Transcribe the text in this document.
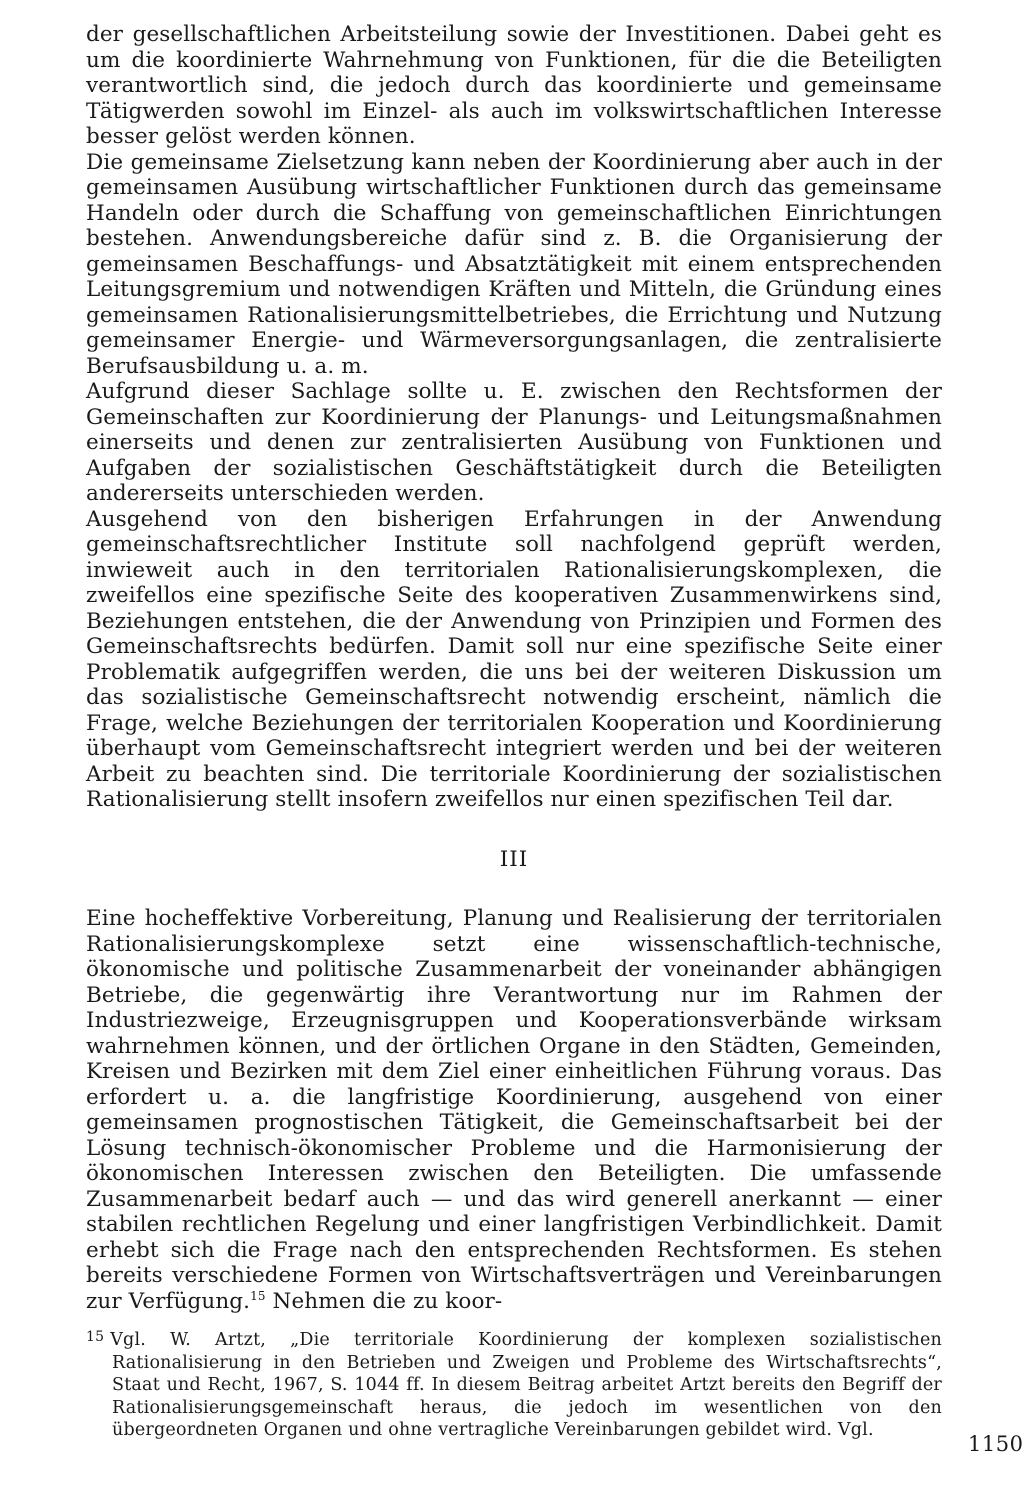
der gesellschaftlichen Arbeitsteilung sowie der Investitionen. Dabei geht es um die koordinierte Wahrnehmung von Funktionen, für die die Beteiligten verantwortlich sind, die jedoch durch das koordinierte und gemeinsame Tätigwerden sowohl im Einzel- als auch im volkswirtschaftlichen Interesse besser gelöst werden können.

Die gemeinsame Zielsetzung kann neben der Koordinierung aber auch in der gemeinsamen Ausübung wirtschaftlicher Funktionen durch das gemeinsame Handeln oder durch die Schaffung von gemeinschaftlichen Einrichtungen bestehen. Anwendungsbereiche dafür sind z. B. die Organisierung der gemeinsamen Beschaffungs- und Absatztätigkeit mit einem entsprechenden Leitungsgremium und notwendigen Kräften und Mitteln, die Gründung eines gemeinsamen Rationalisierungsmittelbetriebes, die Errichtung und Nutzung gemeinsamer Energie- und Wärmeversorgungsanlagen, die zentralisierte Berufsausbildung u. a. m.

Aufgrund dieser Sachlage sollte u. E. zwischen den Rechtsformen der Gemeinschaften zur Koordinierung der Planungs- und Leitungsmaßnahmen einerseits und denen zur zentralisierten Ausübung von Funktionen und Aufgaben der sozialistischen Geschäftstätigkeit durch die Beteiligten andererseits unterschieden werden.

Ausgehend von den bisherigen Erfahrungen in der Anwendung gemeinschaftsrechtlicher Institute soll nachfolgend geprüft werden, inwieweit auch in den territorialen Rationalisierungskomplexen, die zweifellos eine spezifische Seite des kooperativen Zusammenwirkens sind, Beziehungen entstehen, die der Anwendung von Prinzipien und Formen des Gemeinschaftsrechts bedürfen. Damit soll nur eine spezifische Seite einer Problematik aufgegriffen werden, die uns bei der weiteren Diskussion um das sozialistische Gemeinschaftsrecht notwendig erscheint, nämlich die Frage, welche Beziehungen der territorialen Kooperation und Koordinierung überhaupt vom Gemeinschaftsrecht integriert werden und bei der weiteren Arbeit zu beachten sind. Die territoriale Koordinierung der sozialistischen Rationalisierung stellt insofern zweifellos nur einen spezifischen Teil dar.

III

Eine hocheffektive Vorbereitung, Planung und Realisierung der territorialen Rationalisierungskomplexe setzt eine wissenschaftlich-technische, ökonomische und politische Zusammenarbeit der voneinander abhängigen Betriebe, die gegenwärtig ihre Verantwortung nur im Rahmen der Industriezweige, Erzeugnisgruppen und Kooperationsverbände wirksam wahrnehmen können, und der örtlichen Organe in den Städten, Gemeinden, Kreisen und Bezirken mit dem Ziel einer einheitlichen Führung voraus. Das erfordert u. a. die langfristige Koordinierung, ausgehend von einer gemeinsamen prognostischen Tätigkeit, die Gemeinschaftsarbeit bei der Lösung technisch-ökonomischer Probleme und die Harmonisierung der ökonomischen Interessen zwischen den Beteiligten. Die umfassende Zusammenarbeit bedarf auch — und das wird generell anerkannt — einer stabilen rechtlichen Regelung und einer langfristigen Verbindlichkeit. Damit erhebt sich die Frage nach den entsprechenden Rechtsformen. Es stehen bereits verschiedene Formen von Wirtschaftsverträgen und Vereinbarungen zur Verfügung.$^{15}$ Nehmen die zu koor-

$^{15}$ Vgl. W. Artzt, „Die territoriale Koordinierung der komplexen sozialistischen Rationalisierung in den Betrieben und Zweigen und Probleme des Wirtschaftsrechts“, Staat und Recht, 1967, S. 1044 ff. In diesem Beitrag arbeitet Artzt bereits den Begriff der Rationalisierungsgemeinschaft heraus, die jedoch im wesentlichen von den übergeordneten Organen und ohne vertragliche Vereinbarungen gebildet wird. Vgl.

1150
